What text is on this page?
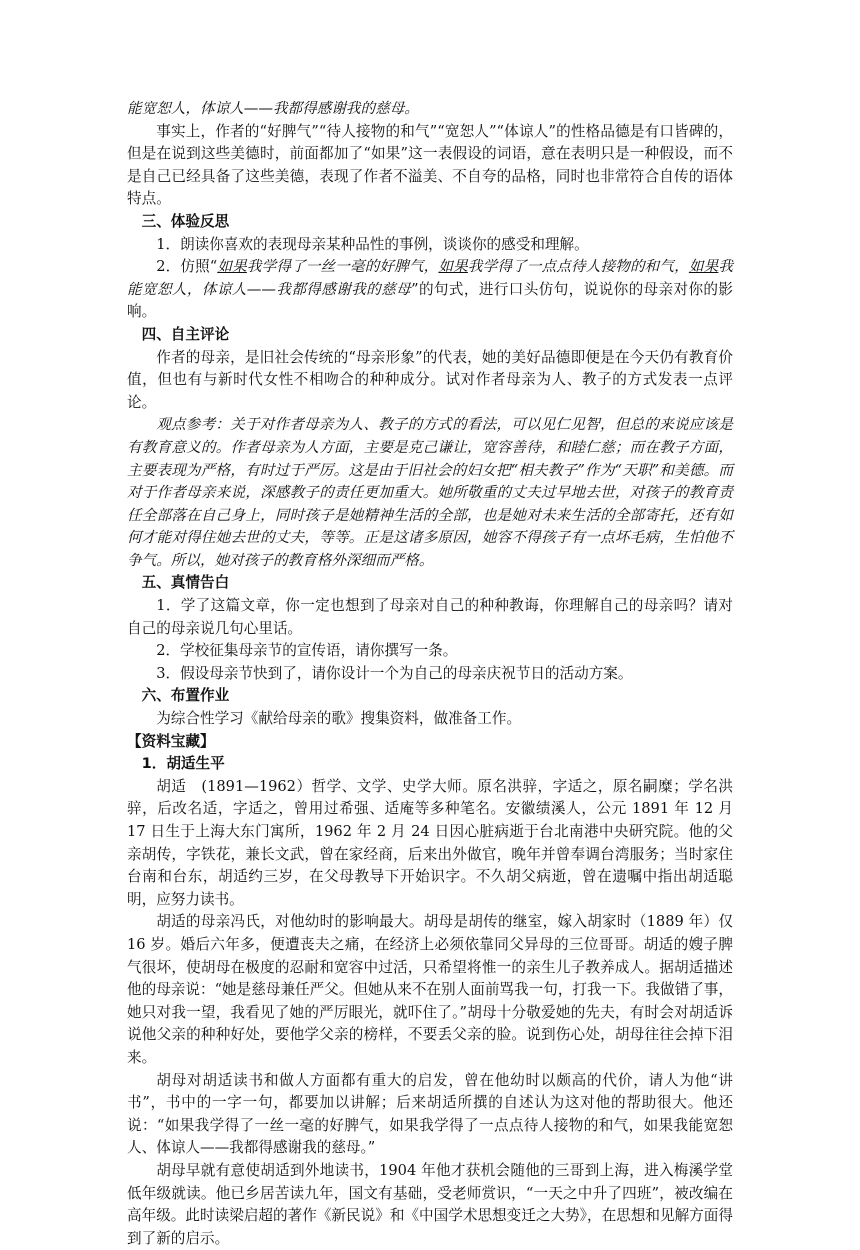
能宽恕人，体谅人——我都得感谢我的慈母。

事实上，作者的“好脾气”“待人接物的和气”“宽恕人”“体谅人”的性格品德是有口皆碑的，但是在说到这些美德时，前面都加了“如果”这一表假设的词语，意在表明只是一种假设，而不是自己已经具备了这些美德，表现了作者不溢美、不自夸的品格，同时也非常符合自传的语体特点。

三、体验反思

1．朗读你喜欢的表现母亲某种品性的事例，谈谈你的感受和理解。

2．仿照“如果我学得了一丝一毫的好脾气，如果我学得了一点点待人接物的和气，如果我能宽恕人，体谅人——我都得感谢我的慈母”的句式，进行口头仿句，说说你的母亲对你的影响。

四、自主评论

作者的母亲，是旧社会传统的“母亲形象”的代表，她的美好品德即便是在今天仍有教育价值，但也有与新时代女性不相吻合的种种成分。试对作者母亲为人、教子的方式发表一点评论。

观点参考：关于对作者母亲为人、教子的方式的看法，可以见仁见智，但总的来说应该是有教育意义的。作者母亲为人方面，主要是克己谦让，宽容善待，和睦仁慈；而在教子方面，主要表现为严格，有时过于严厉。这是由于旧社会的妇女把“相夫教子”作为“天职”和美德。而对于作者母亲来说，深感教子的责任更加重大。她所敬重的丈夫过早地去世，对孩子的教育责任全部落在自己身上，同时孩子是她精神生活的全部，也是她对未来生活的全部寄托，还有如何才能对得住她去世的丈夫，等等。正是这诸多原因，她容不得孩子有一点坏毛病，生怕他不争气。所以，她对孩子的教育格外深细而严格。

五、真情告白

1．学了这篇文章，你一定也想到了母亲对自己的种种教诲，你理解自己的母亲吗？请对自己的母亲说几句心里话。

2．学校征集母亲节的宣传语，请你撰写一条。

3．假设母亲节快到了，请你设计一个为自己的母亲庆祝节日的活动方案。

六、布置作业

为综合性学习《献给母亲的歌》搜集资料，做准备工作。

【资料宝藏】

1．胡适生平

胡适　(1891—1962）哲学、文学、史学大师。原名洪骍，字适之，原名嗣糜；学名洪骍，后改名适，字适之，曾用过希强、适庵等多种笔名。安徽绩溪人，公元 1891 年 12 月 17 日生于上海大东门寓所，1962 年 2 月 24 日因心脏病逝于台北南港中央研究院。他的父亲胡传，字铁花，兼长文武，曾在家经商，后来出外做官，晚年并曾奉调台湾服务；当时家住台南和台东，胡适约三岁，在父母教导下开始识字。不久胡父病逝，曾在遗嘱中指出胡适聪明，应努力读书。

胡适的母亲冯氏，对他幼时的影响最大。胡母是胡传的继室，嫁入胡家时（1889 年）仅 16 岁。婚后六年多，便遭丧夫之痛，在经济上必须依靠同父异母的三位哥哥。胡适的嫂子脾气很坏，使胡母在极度的忍耐和宽容中过活，只希望将惟一的亲生儿子教养成人。据胡适描述他的母亲说：“她是慈母兼任严父。但她从来不在别人面前骂我一句，打我一下。我做错了事，她只对我一望，我看见了她的严厉眼光，就吓住了。”胡母十分敬爱她的先夫，有时会对胡适诉说他父亲的种种好处，要他学父亲的榜样，不要丢父亲的脸。说到伤心处，胡母往往会掉下泪来。

胡母对胡适读书和做人方面都有重大的启发，曾在他幼时以颇高的代价，请人为他“讲书”，书中的一字一句，都要加以讲解；后来胡适所撰的自述认为这对他的帮助很大。他还说：“如果我学得了一丝一毫的好脾气，如果我学得了一点点待人接物的和气，如果我能宽恕人、体谅人——我都得感谢我的慈母。”

胡母早就有意使胡适到外地读书，1904 年他才获机会随他的三哥到上海，进入梅溪学堂低年级就读。他已乡居苦读九年，国文有基础，受老师赏识，“一天之中升了四班”，被改编在高年级。此时读梁启超的著作《新民说》和《中国学术思想变迁之大势》，在思想和见解方面得到了新的启示。
